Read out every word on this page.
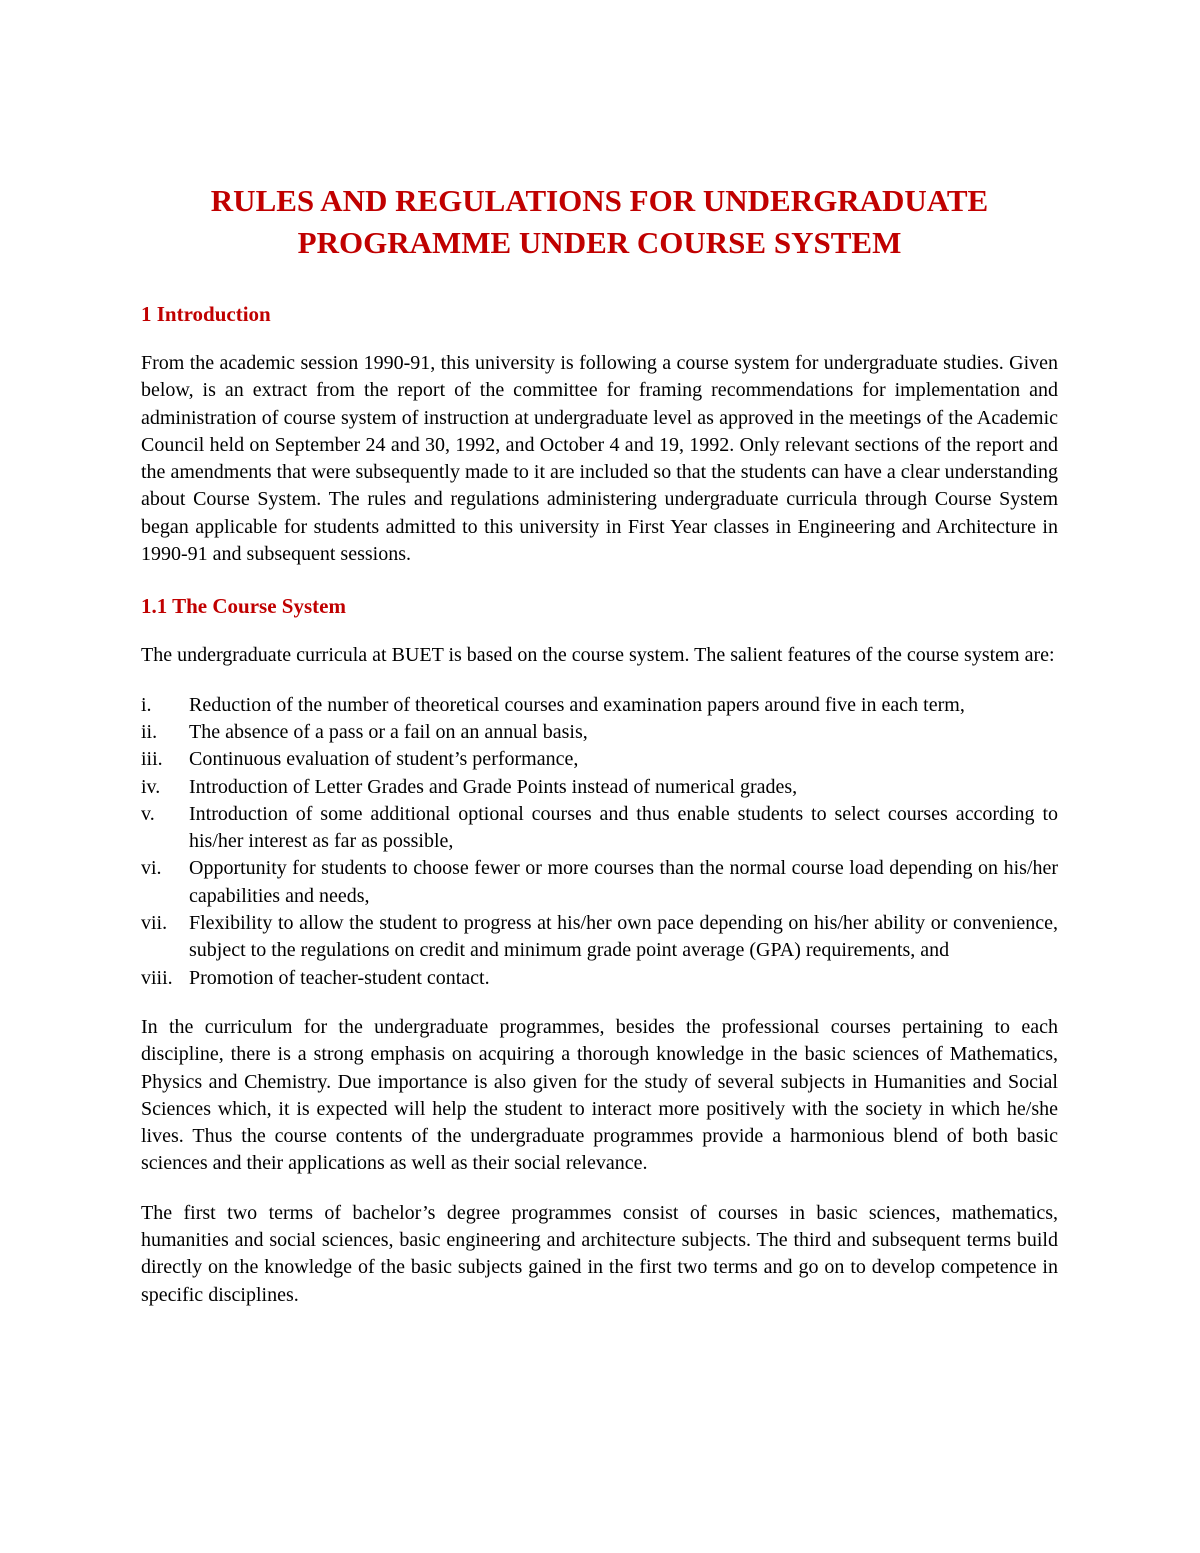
RULES AND REGULATIONS FOR UNDERGRADUATE
PROGRAMME UNDER COURSE SYSTEM
1 Introduction

From the academic session 1990-91, this university is following a course system for undergraduate studies. Given below, is an extract from the report of the committee for framing recommendations for implementation and administration of course system of instruction at undergraduate level as approved in the meetings of the Academic Council held on September 24 and 30, 1992, and October 4 and 19, 1992. Only relevant sections of the report and the amendments that were subsequently made to it are included so that the students can have a clear understanding about Course System. The rules and regulations administering undergraduate curricula through Course System began applicable for students admitted to this university in First Year classes in Engineering and Architecture in 1990-91 and subsequent sessions.

1.1 The Course System

The undergraduate curricula at BUET is based on the course system. The salient features of the course system are:

i. Reduction of the number of theoretical courses and examination papers around five in each term,
ii. The absence of a pass or a fail on an annual basis,
iii. Continuous evaluation of student’s performance,
iv. Introduction of Letter Grades and Grade Points instead of numerical grades,
v. Introduction of some additional optional courses and thus enable students to select courses according to his/her interest as far as possible,
vi. Opportunity for students to choose fewer or more courses than the normal course load depending on his/her capabilities and needs,
vii. Flexibility to allow the student to progress at his/her own pace depending on his/her ability or convenience, subject to the regulations on credit and minimum grade point average (GPA) requirements, and
viii. Promotion of teacher-student contact.

In the curriculum for the undergraduate programmes, besides the professional courses pertaining to each discipline, there is a strong emphasis on acquiring a thorough knowledge in the basic sciences of Mathematics, Physics and Chemistry. Due importance is also given for the study of several subjects in Humanities and Social Sciences which, it is expected will help the student to interact more positively with the society in which he/she lives. Thus the course contents of the undergraduate programmes provide a harmonious blend of both basic sciences and their applications as well as their social relevance.

The first two terms of bachelor’s degree programmes consist of courses in basic sciences, mathematics, humanities and social sciences, basic engineering and architecture subjects. The third and subsequent terms build directly on the knowledge of the basic subjects gained in the first two terms and go on to develop competence in specific disciplines.
